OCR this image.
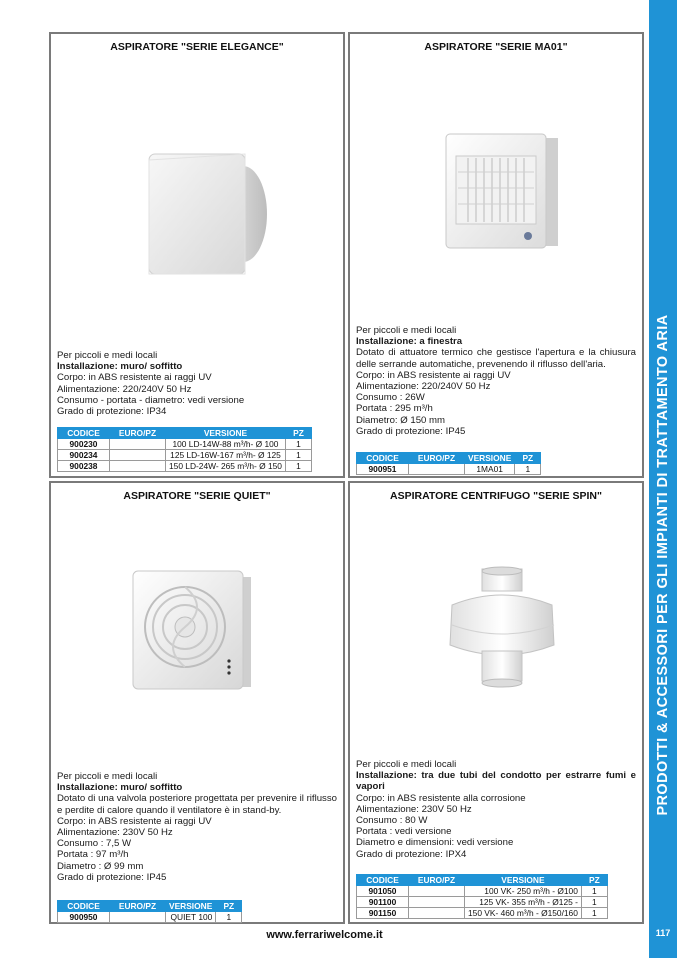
PRODOTTI & ACCESSORI PER GLI IMPIANTI DI TRATTAMENTO ARIA
117
ASPIRATORE "SERIE ELEGANCE"
Per piccoli e medi locali
Installazione: muro/ soffitto
Corpo: in ABS resistente ai raggi UV
Alimentazione: 220/240V 50 Hz
Consumo - portata - diametro: vedi versione
Grado di protezione: IP34
CODICE	EURO/PZ	VERSIONE	PZ
900230		100 LD-14W-88 m³/h- Ø 100	1
900234		125 LD-16W-167 m³/h- Ø 125	1
900238		150 LD-24W- 265 m³/h- Ø 150	1
ASPIRATORE "SERIE MA01"
Per piccoli e medi locali
Installazione: a finestra
Dotato di attuatore termico che gestisce l'apertura e la chiusura delle serrande automatiche, prevenendo il riflusso dell'aria.
Corpo: in ABS resistente ai raggi UV
Alimentazione: 220/240V 50 Hz
Consumo : 26W
Portata : 295 m³/h
Diametro: Ø 150 mm
Grado di protezione: IP45
CODICE	EURO/PZ	VERSIONE	PZ
900951		1MA01	1
ASPIRATORE "SERIE QUIET"
Per piccoli e medi locali
Installazione: muro/ soffitto
Dotato di una valvola posteriore progettata per prevenire il riflusso e perdite di calore quando il ventilatore è in stand-by.
Corpo: in ABS resistente ai raggi UV
Alimentazione: 230V 50 Hz
Consumo : 7,5 W
Portata : 97 m³/h
Diametro : Ø 99 mm
Grado di protezione: IP45
CODICE	EURO/PZ	VERSIONE	PZ
900950		QUIET 100	1
ASPIRATORE CENTRIFUGO "SERIE SPIN"
Per piccoli e medi locali
Installazione: tra due tubi del condotto per estrarre fumi e vapori
Corpo: in ABS resistente alla corrosione
Alimentazione: 230V 50 Hz
Consumo : 80 W
Portata : vedi versione
Diametro e dimensioni: vedi versione
Grado di protezione: IPX4
CODICE	EURO/PZ	VERSIONE	PZ
901050		100 VK- 250 m³/h - Ø100	1
901100		125 VK- 355 m³/h - Ø125 -	1
901150		150 VK- 460 m³/h - Ø150/160	1
www.ferrariwelcome.it
